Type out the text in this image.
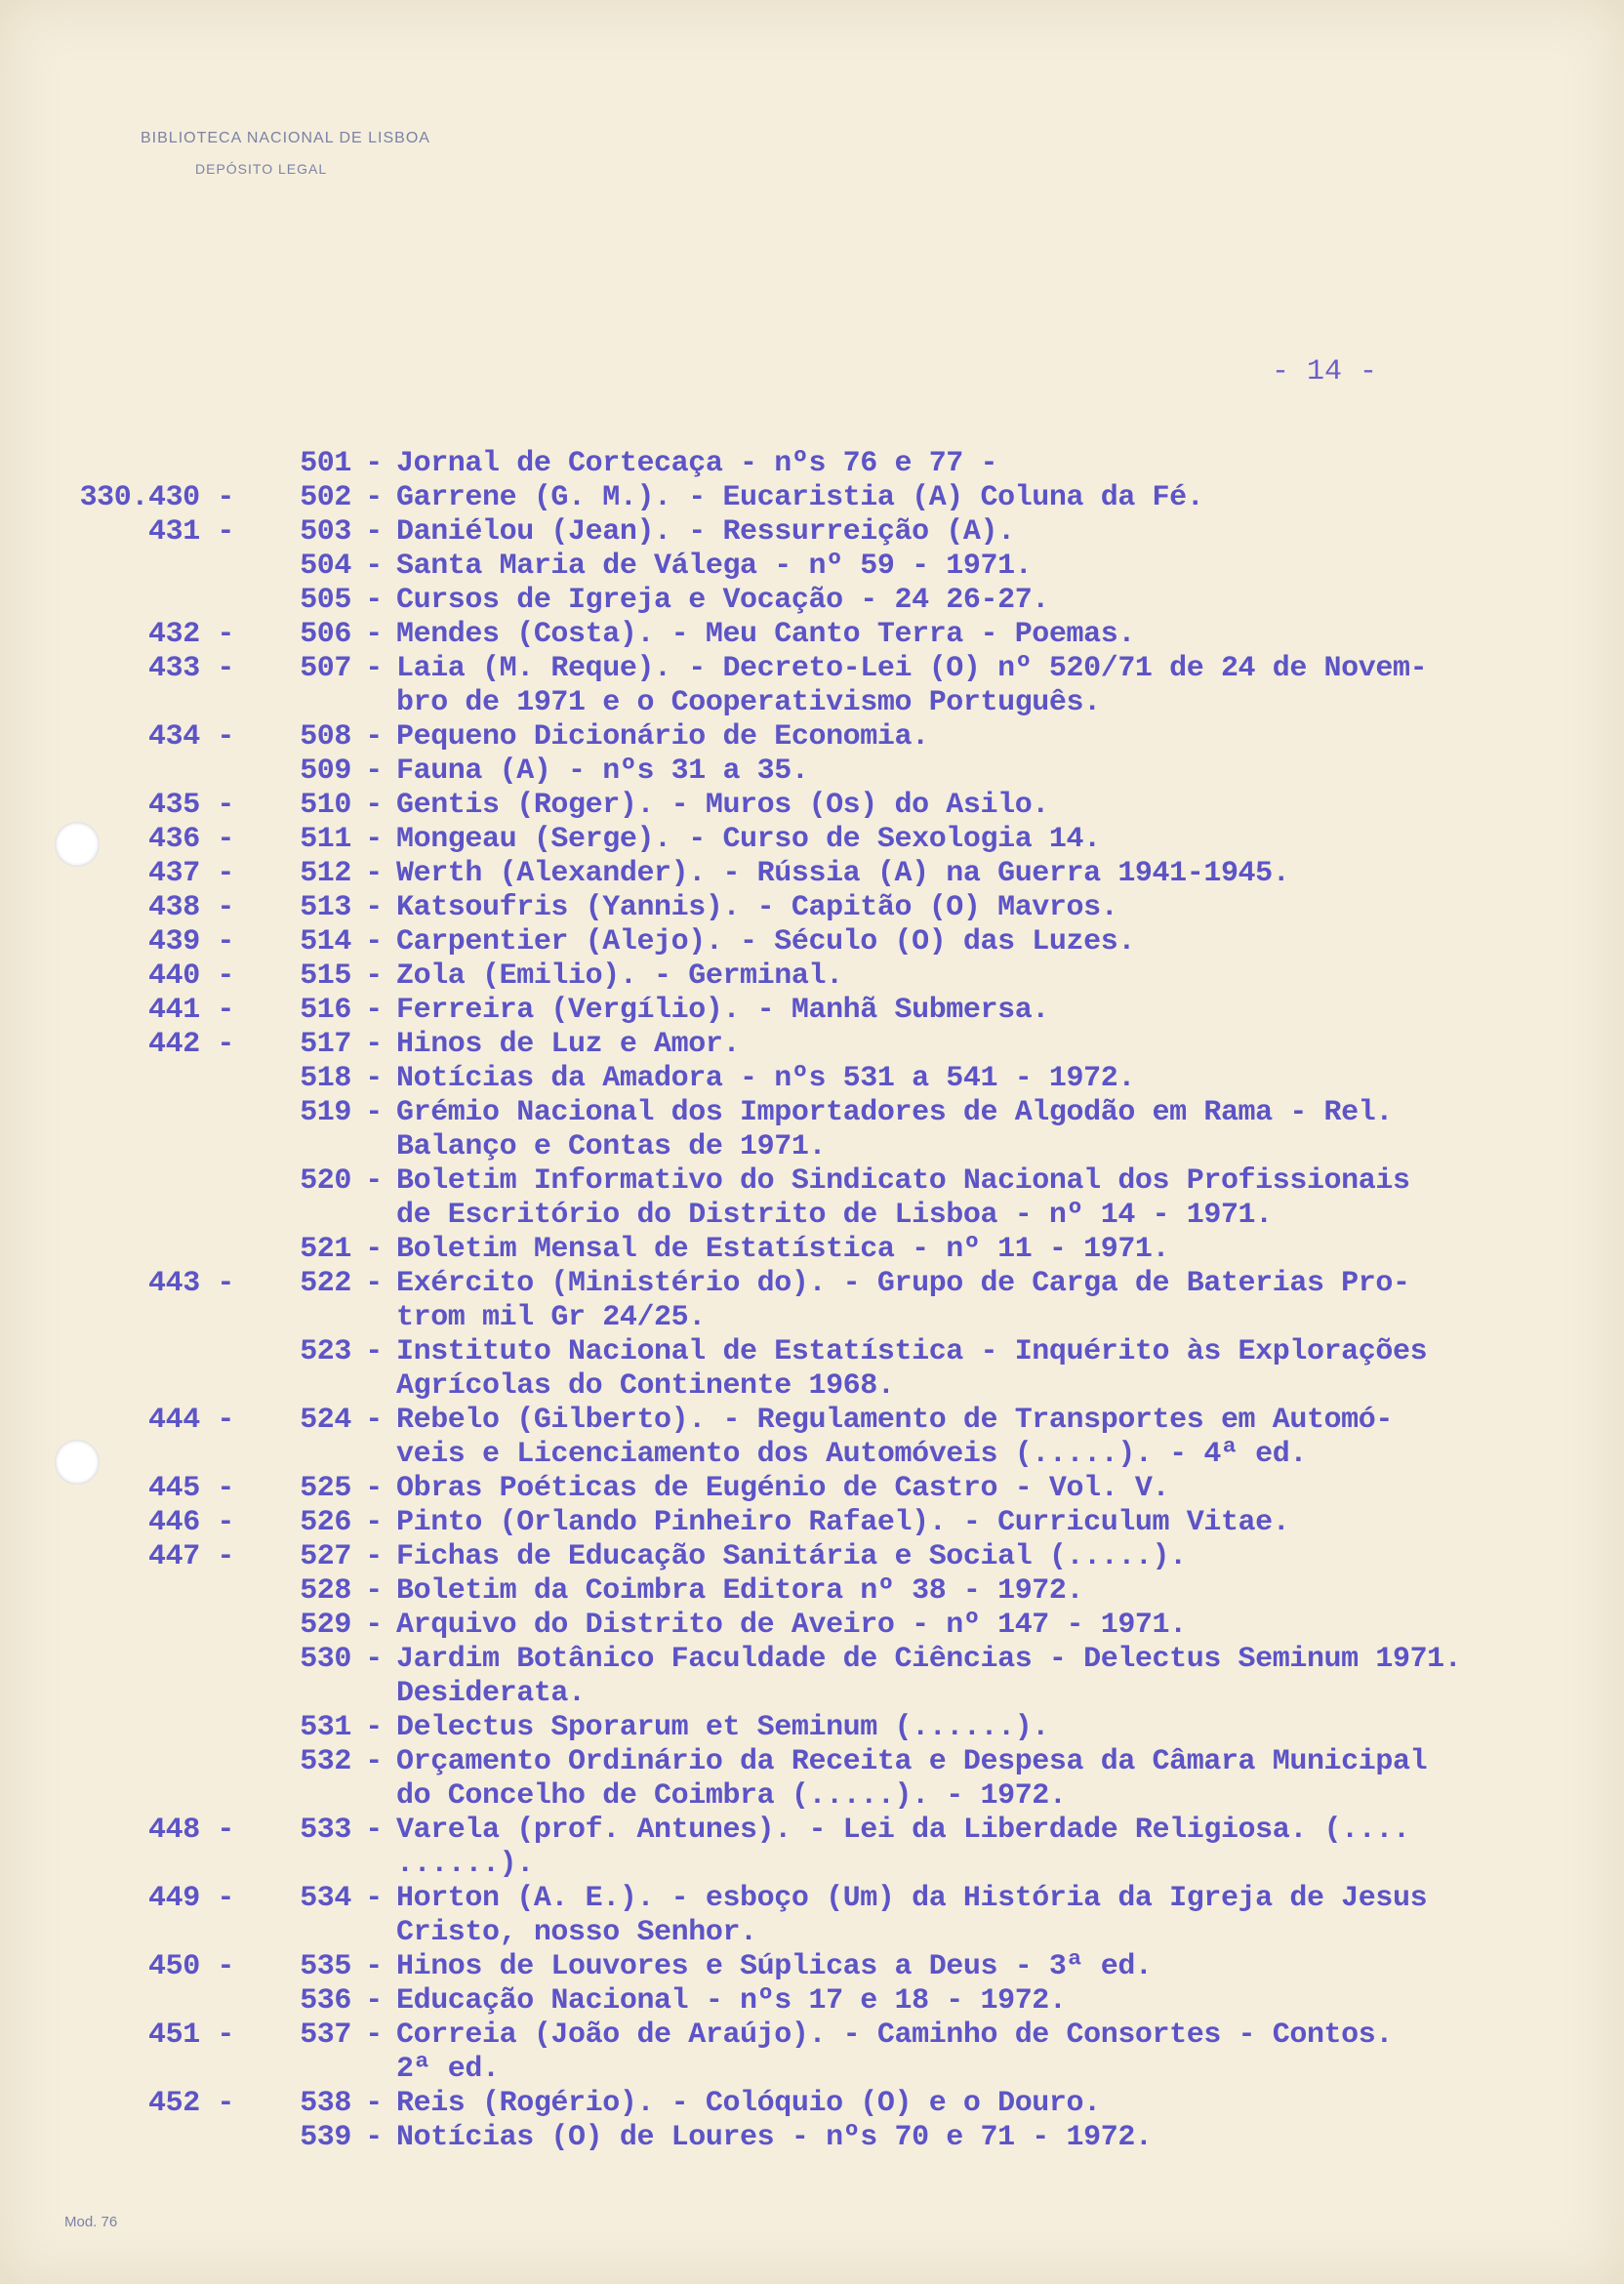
BIBLIOTECA NACIONAL DE LISBOA
DEPÓSITO LEGAL
- 14 -
501 - Jornal de Cortecaça - nºs 76 e 77 -
330.430 -	502 - Garrene (G. M.). - Eucaristia (A) Coluna da Fé.
431 -	503 - Daniélou (Jean). - Ressurreição (A).
504 - Santa Maria de Válega - nº 59 - 1971.
505 - Cursos de Igreja e Vocação - 24 26-27.
432 -	506 - Mendes (Costa). - Meu Canto Terra - Poemas.
433 -	507 - Laia (M. Reque). - Decreto-Lei (O) nº 520/71 de 24 de Novem-
bro de 1971 e o Cooperativismo Português.
434 -	508 - Pequeno Dicionário de Economia.
509 - Fauna (A) - nºs 31 a 35.
435 -	510 - Gentis (Roger). - Muros (Os) do Asilo.
436 -	511 - Mongeau (Serge). - Curso de Sexologia 14.
437 -	512 - Werth (Alexander). - Rússia (A) na Guerra 1941-1945.
438 -	513 - Katsoufris (Yannis). - Capitão (O) Mavros.
439 -	514 - Carpentier (Alejo). - Século (O) das Luzes.
440 -	515 - Zola (Emilio). - Germinal.
441 -	516 - Ferreira (Vergílio). - Manhã Submersa.
442 -	517 - Hinos de Luz e Amor.
518 - Notícias da Amadora - nºs 531 a 541 - 1972.
519 - Grémio Nacional dos Importadores de Algodão em Rama - Rel.
Balanço e Contas de 1971.
520 - Boletim Informativo do Sindicato Nacional dos Profissionais
de Escritório do Distrito de Lisboa - nº 14 - 1971.
521 - Boletim Mensal de Estatística - nº 11 - 1971.
443 -	522 - Exército (Ministério do). - Grupo de Carga de Baterias Pro-
trom mil Gr 24/25.
523 - Instituto Nacional de Estatística - Inquérito às Explorações
Agrícolas do Continente 1968.
444 -	524 - Rebelo (Gilberto). - Regulamento de Transportes em Automó-
veis e Licenciamento dos Automóveis (.....). - 4ª ed.
445 -	525 - Obras Poéticas de Eugénio de Castro - Vol. V.
446 -	526 - Pinto (Orlando Pinheiro Rafael). - Curriculum Vitae.
447 -	527 - Fichas de Educação Sanitária e Social (.....).
528 - Boletim da Coimbra Editora nº 38 - 1972.
529 - Arquivo do Distrito de Aveiro - nº 147 - 1971.
530 - Jardim Botânico Faculdade de Ciências - Delectus Seminum 1971.
Desiderata.
531 - Delectus Sporarum et Seminum (......).
532 - Orçamento Ordinário da Receita e Despesa da Câmara Municipal
do Concelho de Coimbra (.....). - 1972.
448 -	533 - Varela (prof. Antunes). - Lei da Liberdade Religiosa. (....
......).
449 -	534 - Horton (A. E.). - esboço (Um) da História da Igreja de Jesus
Cristo, nosso Senhor.
450 -	535 - Hinos de Louvores e Súplicas a Deus - 3ª ed.
536 - Educação Nacional - nºs 17 e 18 - 1972.
451 -	537 - Correia (João de Araújo). - Caminho de Consortes - Contos.
2ª ed.
452 -	538 - Reis (Rogério). - Colóquio (O) e o Douro.
539 - Notícias (O) de Loures - nºs 70 e 71 - 1972.
Mod. 76
